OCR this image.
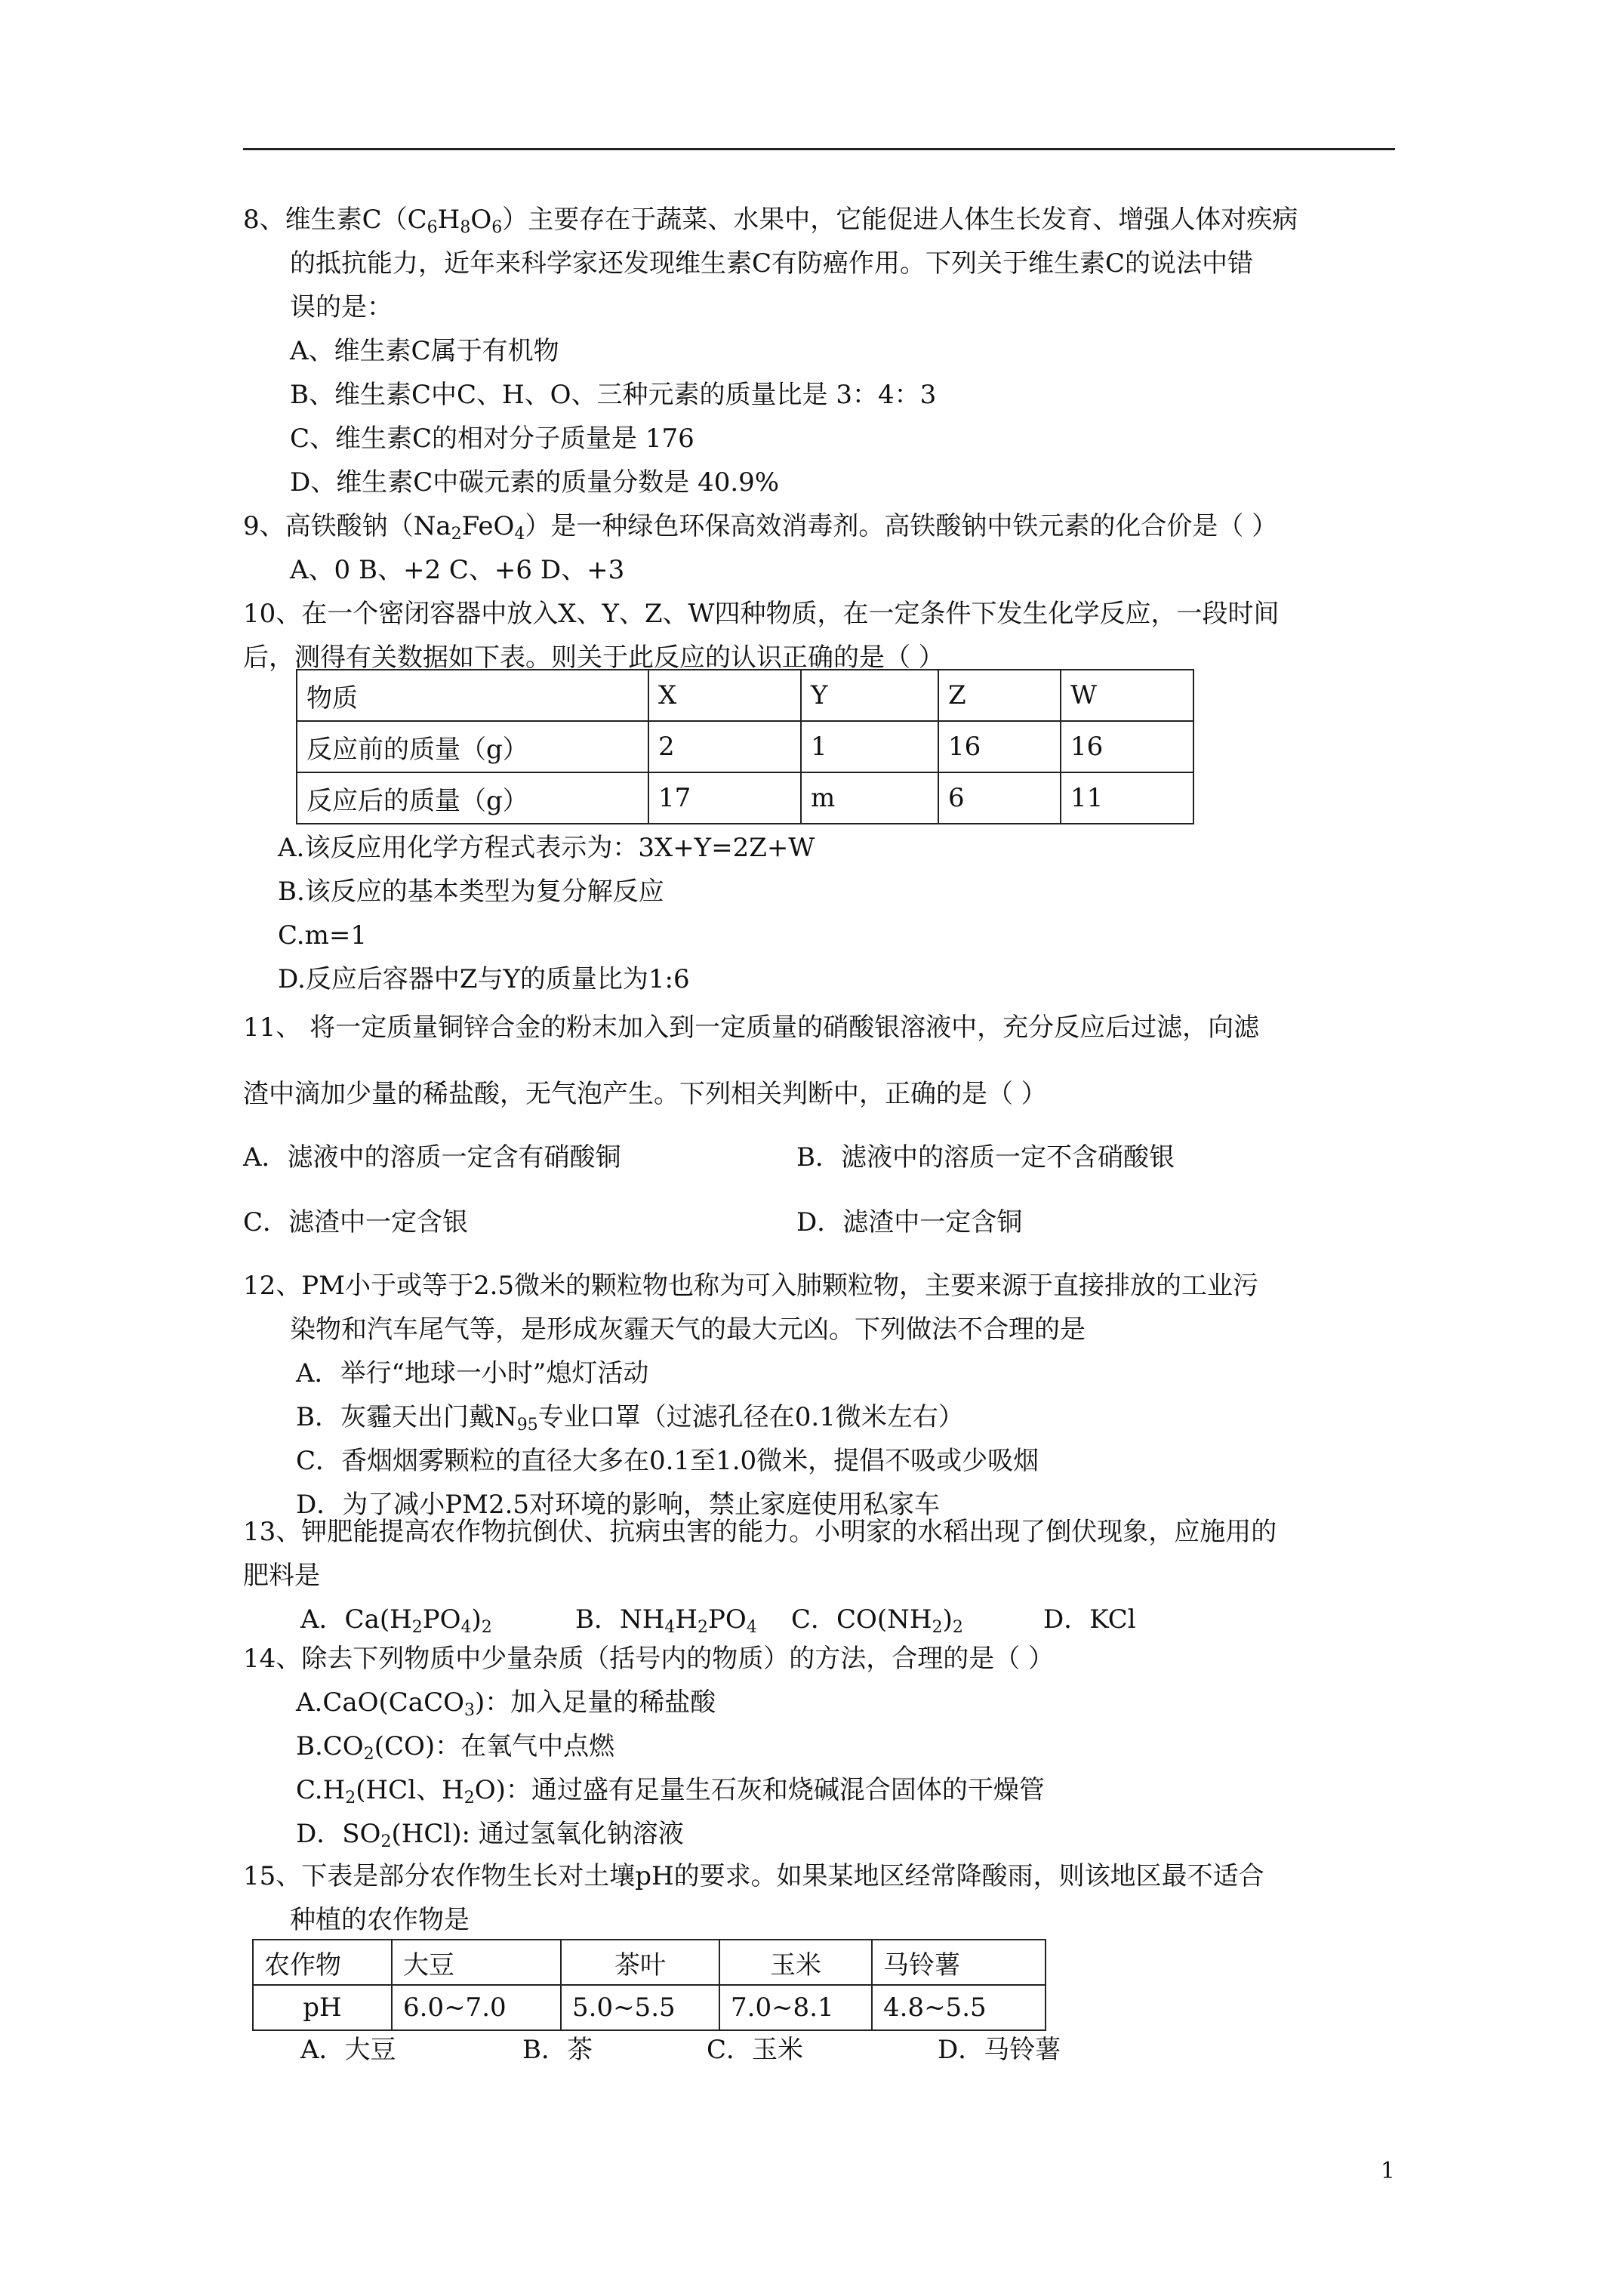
8、维生素$C(C_6H_8O_6)$主要存在于蔬菜、水果中，它能促进人体生长发育、增强人体对疾病
的抵抗能力，近年来科学家还发现维生素C有防癌作用。下列关于维生素C的说法中错
误的是：
A、维生素C属于有机物
B、维生素C中C、H、O、三种元素的质量比是 3：4：3
C、维生素C的相对分子质量是 176
D、维生素C中碳元素的质量分数是 40.9%
9、高铁酸钠$(Na_2FeO_4)$是一种绿色环保高效消毒剂。高铁酸钠中铁元素的化合价是（ ）
A、0 B、+2 C、+6 D、+3
10、在一个密闭容器中放入X、Y、Z、W四种物质，在一定条件下发生化学反应，一段时间
后，测得有关数据如下表。则关于此反应的认识正确的是（ ）
物质	X	Y	Z	W
反应前的质量（g）	2	1	16	16
反应后的质量（g）	17	m	6	11
A.该反应用化学方程式表示为：3X+Y=2Z+W
B.该反应的基本类型为复分解反应
C.m=1
D.反应后容器中Z与Y的质量比为1:6
11、 将一定质量铜锌合金的粉末加入到一定质量的硝酸银溶液中，充分反应后过滤，向滤
渣中滴加少量的稀盐酸，无气泡产生。下列相关判断中，正确的是（ ）
A．滤液中的溶质一定含有硝酸铜	B．滤液中的溶质一定不含硝酸银
C．滤渣中一定含银	D．滤渣中一定含铜
12、PM小于或等于2.5微米的颗粒物也称为可入肺颗粒物，主要来源于直接排放的工业污
染物和汽车尾气等，是形成灰霾天气的最大元凶。下列做法不合理的是
A．举行“地球一小时”熄灯活动
B．灰霾天出门戴$N_{95}$专业口罩（过滤孔径在0.1微米左右）
C．香烟烟雾颗粒的直径大多在0.1至1.0微米，提倡不吸或少吸烟
D．为了减小PM2.5对环境的影响，禁止家庭使用私家车
13、钾肥能提高农作物抗倒伏、抗病虫害的能力。小明家的水稻出现了倒伏现象，应施用的
肥料是
A．$Ca(H_2PO_4)_2$	B．$NH_4H_2PO_4$ C．$CO(NH_2)_2$	D．KCl
14、除去下列物质中少量杂质（括号内的物质）的方法，合理的是（ ）
A.CaO(CaCO$_3$)：加入足量的稀盐酸
$B.CO_2(CO)$：在氧气中点燃
$C.H_2(HCl$、$H_2O$)：通过盛有足量生石灰和烧碱混合固体的干燥管
D．$SO_2(HCl)$: 通过氢氧化钠溶液
15、下表是部分农作物生长对土壤pH的要求。如果某地区经常降酸雨，则该地区最不适合
种植的农作物是
农作物	大豆	茶叶	玉米	马铃薯
pH	6.0~7.0	5.0~5.5	7.0~8.1	4.8~5.5
A．大豆	B．茶	C．玉米	D．马铃薯
1
